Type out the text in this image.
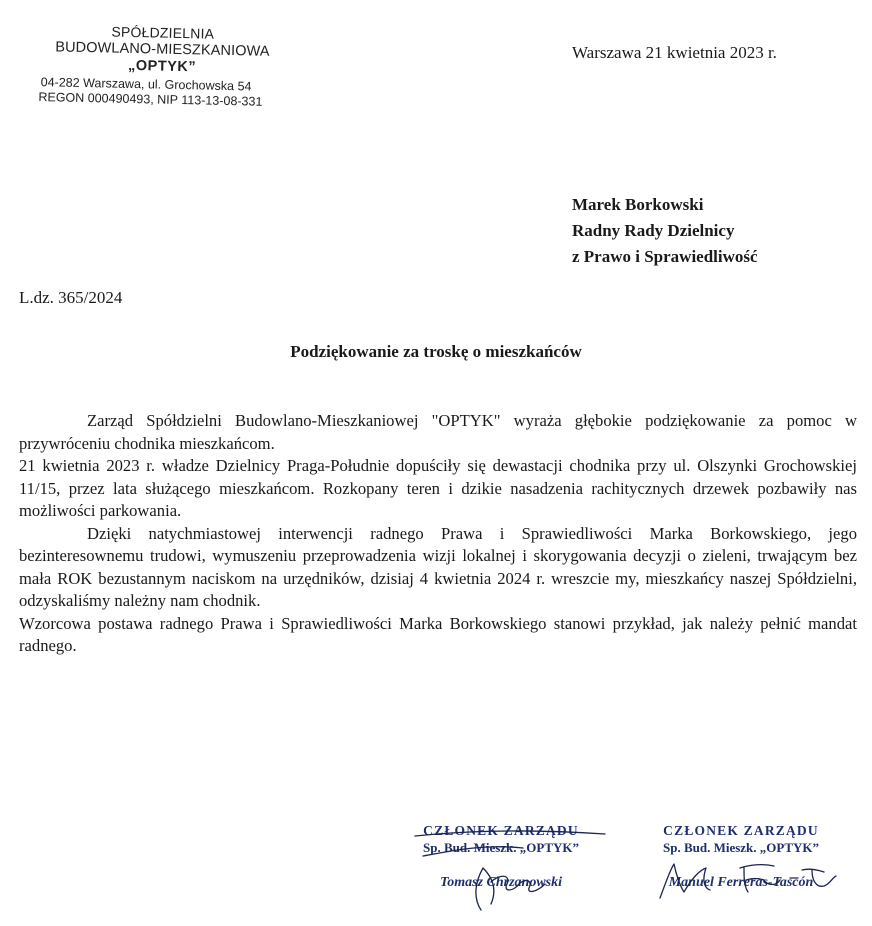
SPÓŁDZIELNIA
BUDOWLANO-MIESZKANIOWA
„OPTYK”
04-282 Warszawa, ul. Grochowska 54
REGON 000490493, NIP 113-13-08-331
Warszawa 21 kwietnia 2023 r.
Marek Borkowski
Radny Rady Dzielnicy
z Prawo i Sprawiedliwość
L.dz. 365/2024
Podziękowanie za troskę o mieszkańców

Zarząd Spółdzielni Budowlano-Mieszkaniowej "OPTYK" wyraża głębokie podziękowanie za pomoc w przywróceniu chodnika mieszkańcom.

21 kwietnia 2023 r. władze Dzielnicy Praga-Południe dopuściły się dewastacji chodnika przy ul. Olszynki Grochowskiej 11/15, przez lata służącego mieszkańcom. Rozkopany teren i dzikie nasadzenia rachitycznych drzewek pozbawiły nas możliwości parkowania.

Dzięki natychmiastowej interwencji radnego Prawa i Sprawiedliwości Marka Borkowskiego, jego bezinteresownemu trudowi, wymuszeniu przeprowadzenia wizji lokalnej i skorygowania decyzji o zieleni, trwającym bez mała ROK bezustannym naciskom na urzędników, dzisiaj 4 kwietnia 2024 r. wreszcie my, mieszkańcy naszej Spółdzielni, odzyskaliśmy należny nam chodnik.

Wzorcowa postawa radnego Prawa i Sprawiedliwości Marka Borkowskiego stanowi przykład, jak należy pełnić mandat radnego.

CZŁONEK ZARZĄDU
Sp. Bud. Mieszk. „OPTYK”
Tomasz Chrzanowski
CZŁONEK ZARZĄDU
Sp. Bud. Mieszk. „OPTYK”
Manuel Ferreras-Tascón
